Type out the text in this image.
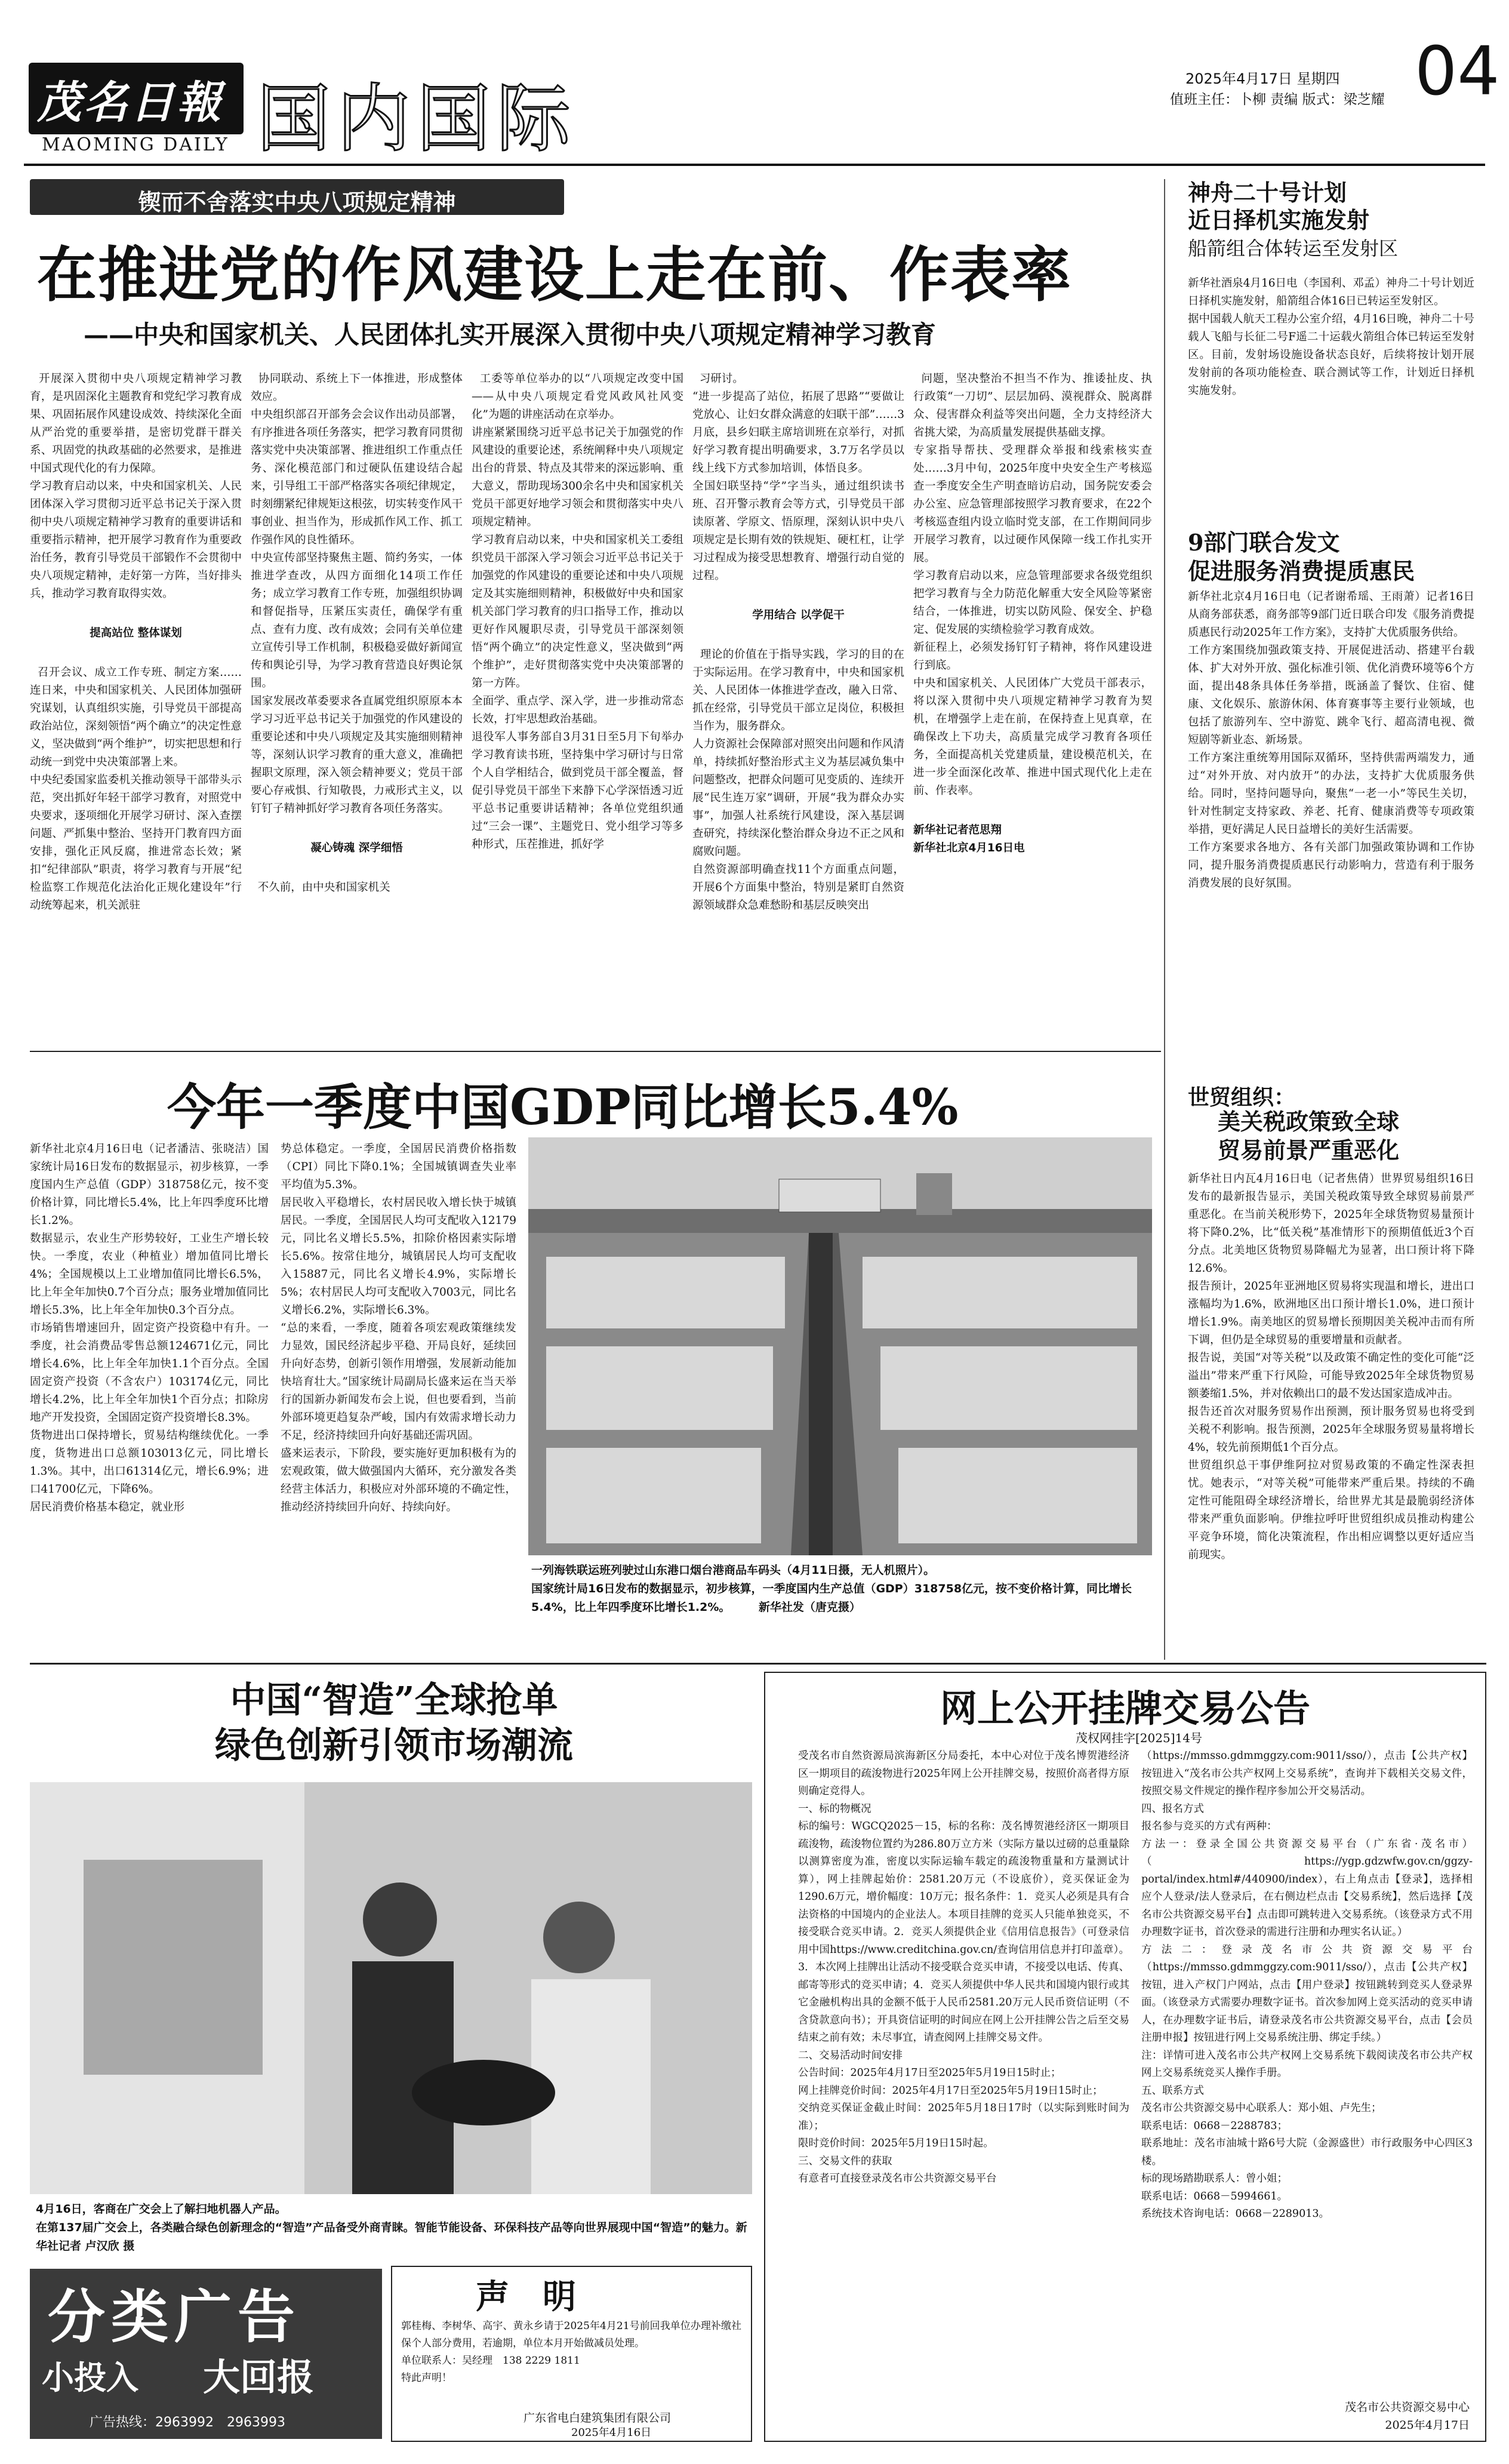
茂名日報
MAOMING DAILY 国内国际	2025年4月17日 星期四
值班主任：卜柳 责编 版式：梁芝耀 04
锲而不舍落实中央八项规定精神
在推进党的作风建设上走在前、作表率
——中央和国家机关、人民团体扎实开展深入贯彻中央八项规定精神学习教育

开展深入贯彻中央八项规定精神学习教育，是巩固深化主题教育和党纪学习教育成果、巩固拓展作风建设成效、持续深化全面从严治党的重要举措，是密切党群干群关系、巩固党的执政基础的必然要求，是推进中国式现代化的有力保障。
学习教育启动以来，中央和国家机关、人民团体深入学习贯彻习近平总书记关于深入贯彻中央八项规定精神学习教育的重要讲话和重要指示精神，把开展学习教育作为重要政治任务，教育引导党员干部锻作不会贯彻中央八项规定精神，走好第一方阵，当好排头兵，推动学习教育取得实效。

提高站位 整体谋划

召开会议、成立工作专班、制定方案……连日来，中央和国家机关、人民团体加强研究谋划，认真组织实施，引导党员干部提高政治站位，深刻领悟“两个确立”的决定性意义，坚决做到“两个维护”，切实把思想和行动统一到党中央决策部署上来。
中央纪委国家监委机关推动领导干部带头示范，突出抓好年轻干部学习教育，对照党中央要求，逐项细化开展学习研讨、深入查摆问题、严抓集中整治、坚持开门教育四方面安排，强化正风反腐，推进常态长效；紧扣“纪律部队”职责，将学习教育与开展“纪检监察工作规范化法治化正规化建设年”行动统筹起来，机关派驻

协同联动、系统上下一体推进，形成整体效应。
中央组织部召开部务会会议作出动员部署，有序推进各项任务落实，把学习教育同贯彻落实党中央决策部署、推进组织工作重点任务、深化模范部门和过硬队伍建设结合起来，引导组工干部严格落实各项纪律规定，时刻绷紧纪律规矩这根弦，切实转变作风干事创业、担当作为，形成抓作风工作、抓工作强作风的良性循环。
中央宣传部坚持聚焦主题、简约务实，一体推进学查改，从四方面细化14项工作任务；成立学习教育工作专班，加强组织协调和督促指导，压紧压实责任，确保学有重点、查有力度、改有成效；会同有关单位建立宣传引导工作机制，积极稳妥做好新闻宣传和舆论引导，为学习教育营造良好舆论氛围。
国家发展改革委要求各直属党组织原原本本学习习近平总书记关于加强党的作风建设的重要论述和中央八项规定及其实施细则精神等，深刻认识学习教育的重大意义，准确把握职文原理，深入领会精神要义；党员干部要心存戒惧、行知敬畏，力戒形式主义，以钉钉子精神抓好学习教育各项任务落实。

凝心铸魂 深学细悟

不久前，由中央和国家机关

工委等单位举办的以“八项规定改变中国——从中央八项规定看党风政风社风变化”为题的讲座活动在京举办。
讲座紧紧围绕习近平总书记关于加强党的作风建设的重要论述，系统阐释中央八项规定出台的背景、特点及其带来的深远影响、重大意义，帮助现场300余名中央和国家机关党员干部更好地学习领会和贯彻落实中央八项规定精神。
学习教育启动以来，中央和国家机关工委组织党员干部深入学习领会习近平总书记关于加强党的作风建设的重要论述和中央八项规定及其实施细则精神，积极做好中央和国家机关部门学习教育的归口指导工作，推动以更好作风履职尽责，引导党员干部深刻领悟“两个确立”的决定性意义，坚决做到“两个维护”，走好贯彻落实党中央决策部署的第一方阵。
全面学、重点学、深入学，进一步推动常态长效，打牢思想政治基础。
退役军人事务部自3月31日至5月下旬举办学习教育读书班，坚持集中学习研讨与日常个人自学相结合，做到党员干部全覆盖，督促引导党员干部坐下来静下心学深悟透习近平总书记重要讲话精神；各单位党组织通过“三会一课”、主题党日、党小组学习等多种形式，压茬推进，抓好学

习研讨。
“进一步提高了站位，拓展了思路”“要做让党放心、让妇女群众满意的妇联干部”……3月底，县乡妇联主席培训班在京举行，对抓好学习教育提出明确要求，3.7万名学员以线上线下方式参加培训，体悟良多。
全国妇联坚持“学”字当头，通过组织读书班、召开警示教育会等方式，引导党员干部读原著、学原文、悟原理，深刻认识中央八项规定是长期有效的铁规矩、硬杠杠，让学习过程成为接受思想教育、增强行动自觉的过程。

学用结合 以学促干

理论的价值在于指导实践，学习的目的在于实际运用。在学习教育中，中央和国家机关、人民团体一体推进学查改，融入日常、抓在经常，引导党员干部立足岗位，积极担当作为，服务群众。
人力资源社会保障部对照突出问题和作风清单，持续抓好整治形式主义为基层减负集中问题整改，把群众问题可见变质的、连续开展“民生连万家”调研，开展“我为群众办实事”，加强人社系统行风建设，深入基层调查研究，持续深化整治群众身边不正之风和腐败问题。
自然资源部明确查找11个方面重点问题，开展6个方面集中整治，特别是紧盯自然资源领域群众急难愁盼和基层反映突出

问题，坚决整治不担当不作为、推诿扯皮、执行政策“一刀切”、层层加码、漠视群众、脱离群众、侵害群众利益等突出问题，全力支持经济大省挑大梁，为高质量发展提供基础支撑。
专家指导帮扶、受理群众举报和线索核实查处……3月中旬，2025年度中央安全生产考核巡查一季度安全生产明查暗访启动，国务院安委会办公室、应急管理部按照学习教育要求，在22个考核巡查组内设立临时党支部，在工作期间同步开展学习教育，以过硬作风保障一线工作扎实开展。
学习教育启动以来，应急管理部要求各级党组织把学习教育与全力防范化解重大安全风险等紧密结合，一体推进，切实以防风险、保安全、护稳定、促发展的实绩检验学习教育成效。
新征程上，必须发扬钉钉子精神，将作风建设进行到底。
中央和国家机关、人民团体广大党员干部表示，将以深入贯彻中央八项规定精神学习教育为契机，在增强学上走在前，在保持查上见真章，在确保改上下功夫，高质量完成学习教育各项任务，全面提高机关党建质量，建设模范机关，在进一步全面深化改革、推进中国式现代化上走在前、作表率。

新华社记者范思翔
新华社北京4月16日电

神舟二十号计划
近日择机实施发射
船箭组合体转运至发射区
新华社酒泉4月16日电（李国利、邓孟）神舟二十号计划近日择机实施发射，船箭组合体16日已转运至发射区。
据中国载人航天工程办公室介绍，4月16日晚，神舟二十号载人飞船与长征二号F遥二十运载火箭组合体已转运至发射区。目前，发射场设施设备状态良好，后续将按计划开展发射前的各项功能检查、联合测试等工作，计划近日择机实施发射。
9部门联合发文
促进服务消费提质惠民
新华社北京4月16日电（记者谢希瑶、王雨萧）记者16日从商务部获悉，商务部等9部门近日联合印发《服务消费提质惠民行动2025年工作方案》，支持扩大优质服务供给。
工作方案围绕加强政策支持、开展促进活动、搭建平台载体、扩大对外开放、强化标准引领、优化消费环境等6个方面，提出48条具体任务举措，既涵盖了餐饮、住宿、健康、文化娱乐、旅游休闲、体育赛事等主要行业领域，也包括了旅游列车、空中游览、跳伞飞行、超高清电视、微短剧等新业态、新场景。
工作方案注重统筹用国际双循环，坚持供需两端发力，通过“对外开放、对内放开”的办法，支持扩大优质服务供给。同时，坚持问题导向，聚焦“一老一小”等民生关切，针对性制定支持家政、养老、托育、健康消费等专项政策举措，更好满足人民日益增长的美好生活需要。
工作方案要求各地方、各有关部门加强政策协调和工作协同，提升服务消费提质惠民行动影响力，营造有利于服务消费发展的良好氛围。
世贸组织：
美关税政策致全球
贸易前景严重恶化
新华社日内瓦4月16日电（记者焦倩）世界贸易组织16日发布的最新报告显示，美国关税政策导致全球贸易前景严重恶化。在当前关税形势下，2025年全球货物贸易量预计将下降0.2%，比“低关税”基准情形下的预期值低近3个百分点。北美地区货物贸易降幅尤为显著，出口预计将下降12.6%。
报告预计，2025年亚洲地区贸易将实现温和增长，进出口涨幅均为1.6%，欧洲地区出口预计增长1.0%，进口预计增长1.9%。南美地区的贸易增长预期因美关税冲击而有所下调，但仍是全球贸易的重要增量和贡献者。
报告说，美国“对等关税”以及政策不确定性的变化可能“泛溢出”带来严重下行风险，可能导致2025年全球货物贸易额萎缩1.5%，并对依赖出口的最不发达国家造成冲击。
报告还首次对服务贸易作出预测，预计服务贸易也将受到关税不利影响。报告预测，2025年全球服务贸易量将增长4%，较先前预期低1个百分点。
世贸组织总干事伊维阿拉对贸易政策的不确定性深表担忧。她表示，“对等关税”可能带来严重后果。持续的不确定性可能阻碍全球经济增长，给世界尤其是最脆弱经济体带来严重负面影响。伊维拉呼吁世贸组织成员推动构建公平竞争环境，简化决策流程，作出相应调整以更好适应当前现实。
今年一季度中国GDP同比增长5.4%
新华社北京4月16日电（记者潘洁、张晓洁）国家统计局16日发布的数据显示，初步核算，一季度国内生产总值（GDP）318758亿元，按不变价格计算，同比增长5.4%，比上年四季度环比增长1.2%。
数据显示，农业生产形势较好，工业生产增长较快。一季度，农业（种植业）增加值同比增长4%；全国规模以上工业增加值同比增长6.5%，比上年全年加快0.7个百分点；服务业增加值同比增长5.3%，比上年全年加快0.3个百分点。
市场销售增速回升，固定资产投资稳中有升。一季度，社会消费品零售总额124671亿元，同比增长4.6%，比上年全年加快1.1个百分点。全国固定资产投资（不含农户）103174亿元，同比增长4.2%，比上年全年加快1个百分点；扣除房地产开发投资，全国固定资产投资增长8.3%。
货物进出口保持增长，贸易结构继续优化。一季度，货物进出口总额103013亿元，同比增长1.3%。其中，出口61314亿元，增长6.9%；进口41700亿元，下降6%。
居民消费价格基本稳定，就业形
势总体稳定。一季度，全国居民消费价格指数（CPI）同比下降0.1%；全国城镇调查失业率平均值为5.3%。
居民收入平稳增长，农村居民收入增长快于城镇居民。一季度，全国居民人均可支配收入12179元，同比名义增长5.5%，扣除价格因素实际增长5.6%。按常住地分，城镇居民人均可支配收入15887元，同比名义增长4.9%，实际增长5%；农村居民人均可支配收入7003元，同比名义增长6.2%，实际增长6.3%。
“总的来看，一季度，随着各项宏观政策继续发力显效，国民经济起步平稳、开局良好，延续回升向好态势，创新引领作用增强，发展新动能加快培育壮大。”国家统计局副局长盛来运在当天举行的国新办新闻发布会上说，但也要看到，当前外部环境更趋复杂严峻，国内有效需求增长动力不足，经济持续回升向好基础还需巩固。
盛来运表示，下阶段，要实施好更加积极有为的宏观政策，做大做强国内大循环，充分激发各类经营主体活力，积极应对外部环境的不确定性，推动经济持续回升向好、持续向好。
一列海铁联运班列驶过山东港口烟台港商品车码头（4月11日摄，无人机照片）。
国家统计局16日发布的数据显示，初步核算，一季度国内生产总值（GDP）318758亿元，按不变价格计算，同比增长5.4%，比上年四季度环比增长1.2%。　　　新华社发（唐克摄）
中国“智造”全球抢单
绿色创新引领市场潮流
4月16日，客商在广交会上了解扫地机器人产品。
在第137届广交会上，各类融合绿色创新理念的“智造”产品备受外商青睐。智能节能设备、环保科技产品等向世界展现中国“智造”的魅力。新华社记者 卢汉欣 摄
分类广告
小投入 大回报
广告热线：2963992　2963993
声　明
郭桂梅、李树华、高宇、黄永乡请于2025年4月21号前回我单位办理补缴社保个人部分费用，若逾期，单位本月开始做减员处理。
单位联系人：吴经理　138 2229 1811
特此声明！
广东省电白建筑集团有限公司
2025年4月16日
网上公开挂牌交易公告
茂权网挂字[2025]14号
受茂名市自然资源局滨海新区分局委托，本中心对位于茂名博贺港经济区一期项目的疏浚物进行2025年网上公开挂牌交易，按照价高者得方原则确定竞得人。
一、标的物概况
标的编号：WGCQ2025－15，标的名称：茂名博贺港经济区一期项目疏浚物，疏浚物位置约为286.80万立方米（实际方量以过磅的总重量除以测算密度为准，密度以实际运输车载定的疏浚物重量和方量测试计算），网上挂牌起始价：2581.20万元（不设底价），竞买保证金为1290.6万元，增价幅度：10万元；报名条件：1．竞买人必须是具有合法资格的中国境内的企业法人。本项目挂牌的竞买人只能单独竞买，不接受联合竞买申请。2．竞买人须提供企业《信用信息报告》（可登录信用中国https://www.creditchina.gov.cn/查询信用信息并打印盖章）。3．本次网上挂牌出让活动不接受联合竞买申请，不接受以电话、传真、邮寄等形式的竞买申请；4．竞买人须提供中华人民共和国境内银行或其它金融机构出具的金额不低于人民币2581.20万元人民币资信证明（不含贷款意向书）；开具资信证明的时间应在网上公开挂牌公告之后至交易结束之前有效；未尽事宜，请查阅网上挂牌交易文件。
二、交易活动时间安排
公告时间：2025年4月17日至2025年5月19日15时止；
网上挂牌竞价时间：2025年4月17日至2025年5月19日15时止；
交纳竞买保证金截止时间：2025年5月18日17时（以实际到账时间为准）；
限时竞价时间：2025年5月19日15时起。
三、交易文件的获取
有意者可直接登录茂名市公共资源交易平台
（https://mmsso.gdmmggzy.com:9011/sso/），点击【公共产权】按钮进入“茂名市公共产权网上交易系统”，查询并下载相关交易文件，按照交易文件规定的操作程序参加公开交易活动。
四、报名方式
报名参与竞买的方式有两种：
方法一：登录全国公共资源交易平台（广东省·茂名市）（https://ygp.gdzwfw.gov.cn/ggzy-portal/index.html#/440900/index），右上角点击【登录】，选择相应个人登录/法人登录后，在右侧边栏点击【交易系统】，然后选择【茂名市公共资源交易平台】点击即可跳转进入交易系统。（该登录方式不用办理数字证书，首次登录的需进行注册和办理实名认证。）
方法二：登录茂名市公共资源交易平台（https://mmsso.gdmmggzy.com:9011/sso/），点击【公共产权】按钮，进入产权门户网站，点击【用户登录】按钮跳转到竞买人登录界面。（该登录方式需要办理数字证书。首次参加网上竞买活动的竞买申请人，在办理数字证书后，请登录茂名市公共资源交易平台，点击【会员注册申报】按钮进行网上交易系统注册、绑定手续。）
注：详情可进入茂名市公共产权网上交易系统下载阅读茂名市公共产权网上交易系统竞买人操作手册。
五、联系方式
茂名市公共资源交易中心联系人：郑小姐、卢先生；
联系电话：0668－2288783；
联系地址：茂名市油城十路6号大院（金源盛世）市行政服务中心四区3楼。
标的现场踏勘联系人：曾小姐；
联系电话：0668－5994661。
系统技术咨询电话：0668－2289013。
茂名市公共资源交易中心
2025年4月17日
